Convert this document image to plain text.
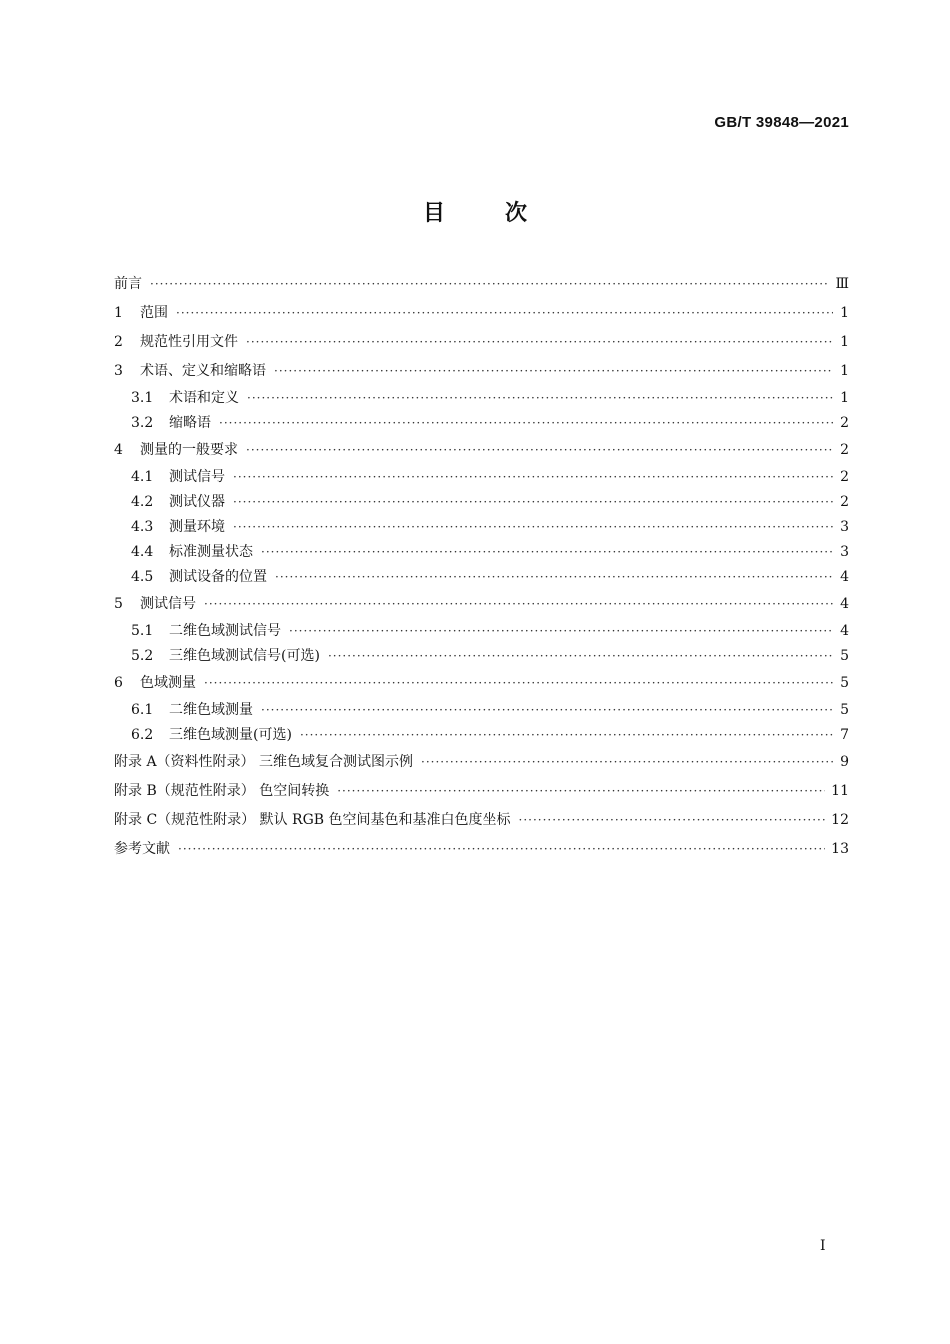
GB/T 39848—2021
目	次
前言 ·····	Ⅲ
1	范围 ·····	1
2	规范性引用文件 ·····	1
3	术语、定义和缩略语 ·····	1
3.1	术语和定义 ·····	1
3.2	缩略语 ·····	2
4	测量的一般要求 ·····	2
4.1	测试信号 ·····	2
4.2	测试仪器 ·····	2
4.3	测量环境 ·····	3
4.4	标准测量状态 ·····	3
4.5	测试设备的位置 ·····	4
5	测试信号 ·····	4
5.1	二维色域测试信号 ·····	4
5.2	三维色域测试信号(可选) ·····	5
6	色域测量 ·····	5
6.1	二维色域测量 ·····	5
6.2	三维色域测量(可选) ·····	7
附录 A（资料性附录） 三维色域复合测试图示例 ·····	9
附录 B（规范性附录） 色空间转换 ·····	11
附录 C（规范性附录） 默认 RGB 色空间基色和基准白色度坐标 ·····	12
参考文献 ·····	13
I
